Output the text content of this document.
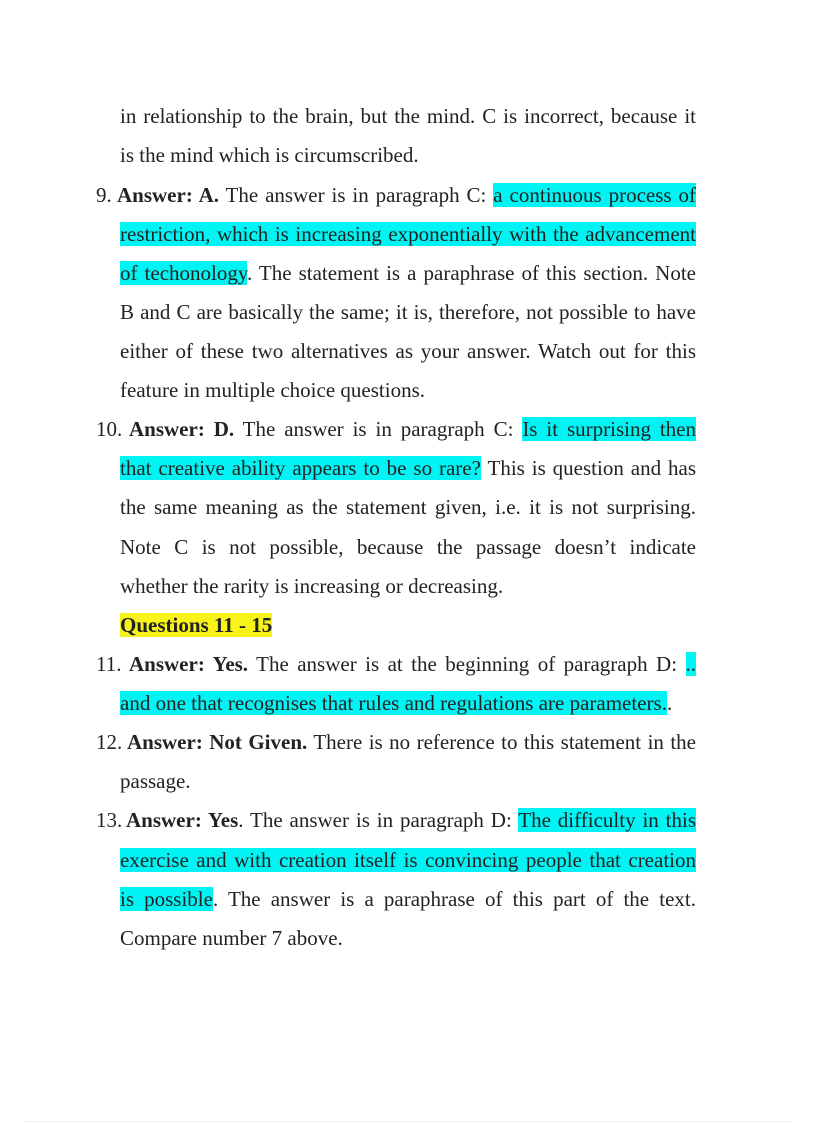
in relationship to the brain, but the mind. C is incorrect, because it
is the mind which is circumscribed.
9. Answer: A. The answer is in paragraph C: a continuous process of
restriction, which is increasing exponentially with the advancement
of techonology. The statement is a paraphrase of this section. Note
B and C are basically the same; it is, therefore, not possible to have
either of these two alternatives as your answer. Watch out for this
feature in multiple choice questions.
10. Answer: D. The answer is in paragraph C: Is it surprising then
that creative ability appears to be so rare? This is question and has
the same meaning as the statement given, i.e. it is not surprising.
Note C is not possible, because the passage doesn’t indicate
whether the rarity is increasing or decreasing.
Questions 11 - 15
11. Answer: Yes. The answer is at the beginning of paragraph D: ..
and one that recognises that rules and regulations are parameters..
12. Answer: Not Given. There is no reference to this statement in the
passage.
13. Answer: Yes. The answer is in paragraph D: The difficulty in this
exercise and with creation itself is convincing people that creation
is possible. The answer is a paraphrase of this part of the text.
Compare number 7 above.
